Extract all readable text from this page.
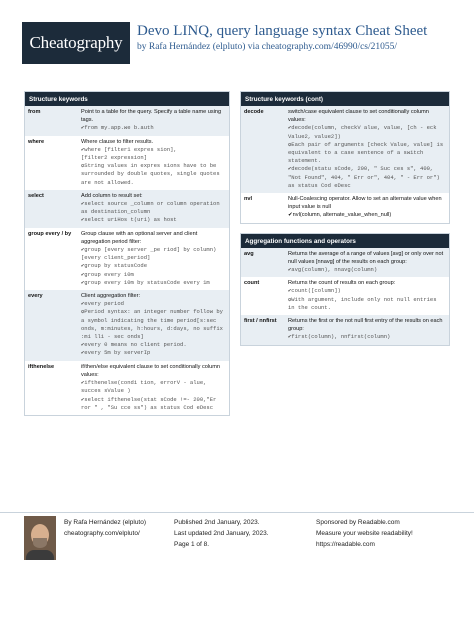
Cheatography
Devo LINQ, query language syntax Cheat Sheet
by Rafa Hernández (elpluto) via cheatography.com/46990/cs/21055/
Structure keywords
from	Point to a table for the query. Specify a table name using tags.
✔from my.app.we b.auth
where	Where clause to filter results.
✔where [filter1 expres sion],
[filter2 expression]
✪String values in expres sions have to be surrounded by double quotes, single quotes are not allowed.
select	Add column to result set:
✔select source _column or column operation as destination_column
✔select uriHos t(uri) as host
group every / by	Group clause with an optional server and client aggregation period filter:
✔group [every server _pe riod] by column)
[every client_period]
✔group by statusCode
✔group every 10m
✔group every 10m by statusCode every 1m
every	Client aggregation filter:
✔every period
✪Period syntax: an integer number follow by a symbol indicating the time period[s:sec onds, m:minutes, h:hours, d:days, no suffix :mi lli - sec onds]
✔every 0 means no client period.
✔every 5m by serverIp
ifthenelse	if/then/else equivalent clause to set conditionally column values:
✔ifthenelse(condi tion, errorV - alue, succes sValue )
✔select ifthenelse(stat sCode !=- 200,"Er ror " , "Su cce ss") as status Cod eDesc
Structure keywords (cont)
decode	switch/case equivalent clause to set conditionally column values:
✔decode(column, checkV alue, value, [ch - eck Value2, value2])
✪Each pair of arguments [check Value, value] is equivalent to a case sentence of a switch statement.
✔decode(statu sCode, 200, " Suc ces s", 400, "Not Found", 404, " Err or", 404, " - Err or") as status Cod eDesc
nvl	Null-Coalescing operator. Allow to set an alternate value when input value is null
✔nvl(column, alternate_value_when_null)
Aggregation functions and operators
avg	Returns the average of a range of values [avg] or only over not null values [nnavg] of the results on each group:
✔avg(column), nnavg(column)
count	Returns the count of results on each group:
✔count([column])
✪With argument, include only not null entries in the count.
first / nnfirst	Returns the first or the not null first entry of the results on each group:
✔first(column), nnfirst(column)
By Rafa Hernández (elpluto)
cheatography.com/elpluto/
Published 2nd January, 2023.
Last updated 2nd January, 2023.
Page 1 of 8.
Sponsored by Readable.com
Measure your website readability!
https://readable.com
